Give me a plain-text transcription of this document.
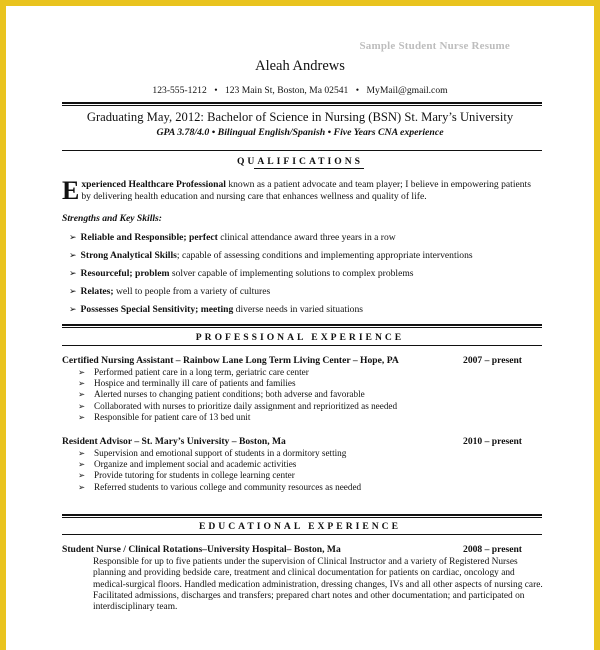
Sample Student Nurse Resume
Aleah Andrews
123-555-1212 • 123 Main St, Boston, Ma 02541 • MyMail@gmail.com
Graduating May, 2012: Bachelor of Science in Nursing (BSN) St. Mary’s University
GPA 3.78/4.0 • Bilingual English/Spanish • Five Years CNA experience
QUALIFICATIONS
Experienced Healthcare Professional known as a patient advocate and team player; I believe in empowering patients by delivering health education and nursing care that enhances wellness and quality of life.
Strengths and Key Skills:
➢ Reliable and Responsible; perfect clinical attendance award three years in a row
➢ Strong Analytical Skills; capable of assessing conditions and implementing appropriate interventions
➢ Resourceful; problem solver capable of implementing solutions to complex problems
➢ Relates; well to people from a variety of cultures
➢ Possesses Special Sensitivity; meeting diverse needs in varied situations
PROFESSIONAL EXPERIENCE
Certified Nursing Assistant – Rainbow Lane Long Term Living Center – Hope, PA	2007 – present
➢ Performed patient care in a long term, geriatric care center
➢ Hospice and terminally ill care of patients and families
➢ Alerted nurses to changing patient conditions; both adverse and favorable
➢ Collaborated with nurses to prioritize daily assignment and reprioritized as needed
➢ Responsible for patient care of 13 bed unit
Resident Advisor – St. Mary’s University – Boston, Ma	2010 – present
➢ Supervision and emotional support of students in a dormitory setting
➢ Organize and implement social and academic activities
➢ Provide tutoring for students in college learning center
➢ Referred students to various college and community resources as needed
EDUCATIONAL EXPERIENCE
Student Nurse / Clinical Rotations–University Hospital– Boston, Ma	2008 – present
Responsible for up to five patients under the supervision of Clinical Instructor and a variety of Registered Nurses planning and providing bedside care, treatment and clinical documentation for patients on cardiac, oncology and medical-surgical floors. Handled medication administration, dressing changes, IVs and all other aspects of nursing care. Facilitated admissions, discharges and transfers; prepared chart notes and other documentation; and participated on interdisciplinary team.
